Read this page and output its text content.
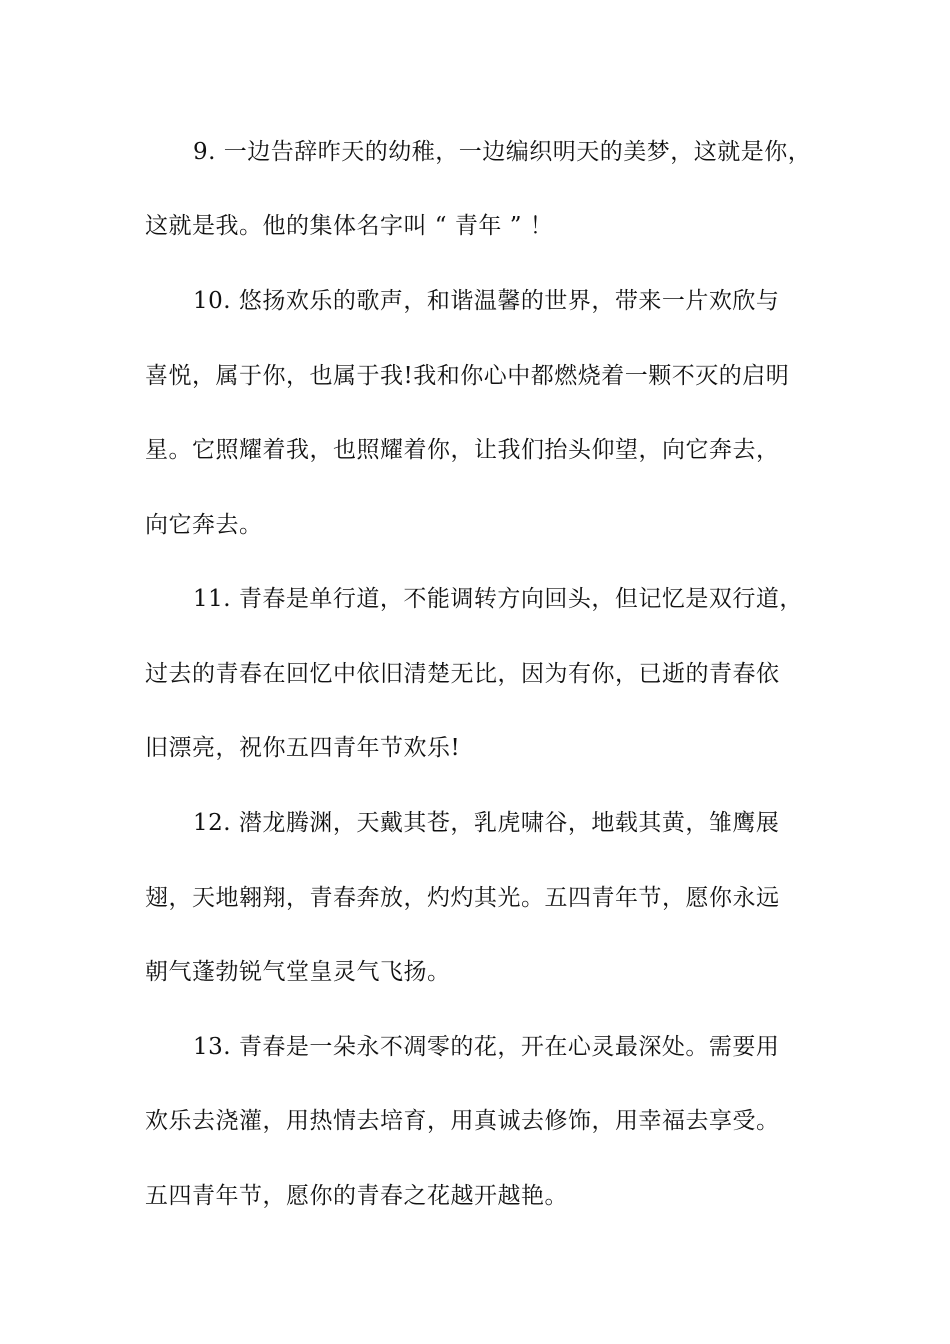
9. 一边告辞昨天的幼稚，一边编织明天的美梦，这就是你，
这就是我。他的集体名字叫 “ 青年 ” ！
10. 悠扬欢乐的歌声，和谐温馨的世界，带来一片欢欣与
喜悦，属于你，也属于我!我和你心中都燃烧着一颗不灭的启明
星。它照耀着我，也照耀着你，让我们抬头仰望，向它奔去，
向它奔去。
11. 青春是单行道，不能调转方向回头，但记忆是双行道，
过去的青春在回忆中依旧清楚无比，因为有你，已逝的青春依
旧漂亮，祝你五四青年节欢乐!
12. 潜龙腾渊，天戴其苍，乳虎啸谷，地载其黄，雏鹰展
翅，天地翱翔，青春奔放，灼灼其光。五四青年节，愿你永远
朝气蓬勃锐气堂皇灵气飞扬。
13. 青春是一朵永不凋零的花，开在心灵最深处。需要用
欢乐去浇灌，用热情去培育，用真诚去修饰，用幸福去享受。
五四青年节，愿你的青春之花越开越艳。
